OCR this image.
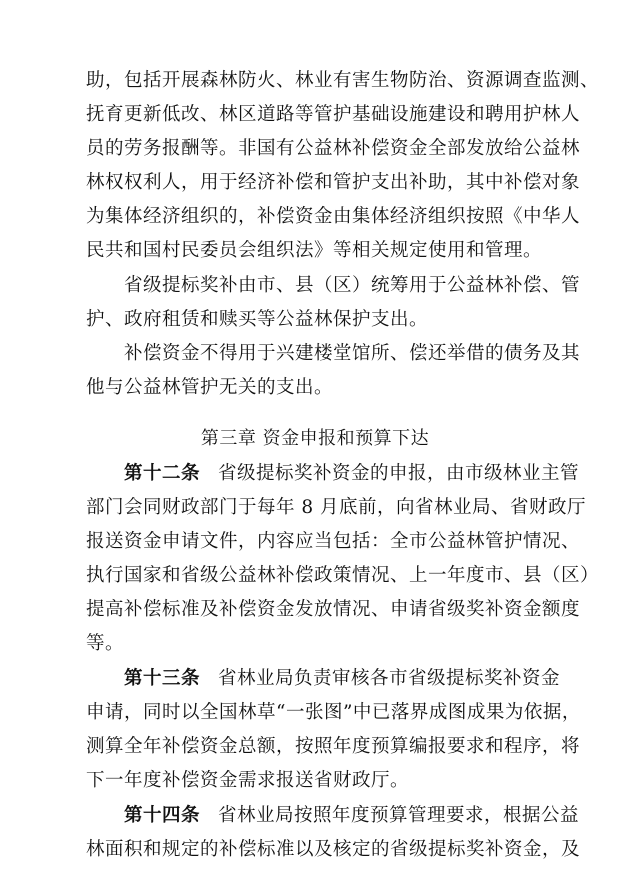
助，包括开展森林防火、林业有害生物防治、资源调查监测、
抚育更新低改、林区道路等管护基础设施建设和聘用护林人
员的劳务报酬等。非国有公益林补偿资金全部发放给公益林
林权权利人，用于经济补偿和管护支出补助，其中补偿对象
为集体经济组织的，补偿资金由集体经济组织按照《中华人
民共和国村民委员会组织法》等相关规定使用和管理。
省级提标奖补由市、县（区）统筹用于公益林补偿、管
护、政府租赁和赎买等公益林保护支出。
补偿资金不得用于兴建楼堂馆所、偿还举借的债务及其
他与公益林管护无关的支出。
第三章 资金申报和预算下达
第十二条 省级提标奖补资金的申报，由市级林业主管
部门会同财政部门于每年 8 月底前，向省林业局、省财政厅
报送资金申请文件，内容应当包括：全市公益林管护情况、
执行国家和省级公益林补偿政策情况、上一年度市、县（区）
提高补偿标准及补偿资金发放情况、申请省级奖补资金额度
等。
第十三条 省林业局负责审核各市省级提标奖补资金
申请，同时以全国林草“一张图”中已落界成图成果为依据，
测算全年补偿资金总额，按照年度预算编报要求和程序，将
下一年度补偿资金需求报送省财政厅。
第十四条 省林业局按照年度预算管理要求，根据公益
林面积和规定的补偿标准以及核定的省级提标奖补资金，及
